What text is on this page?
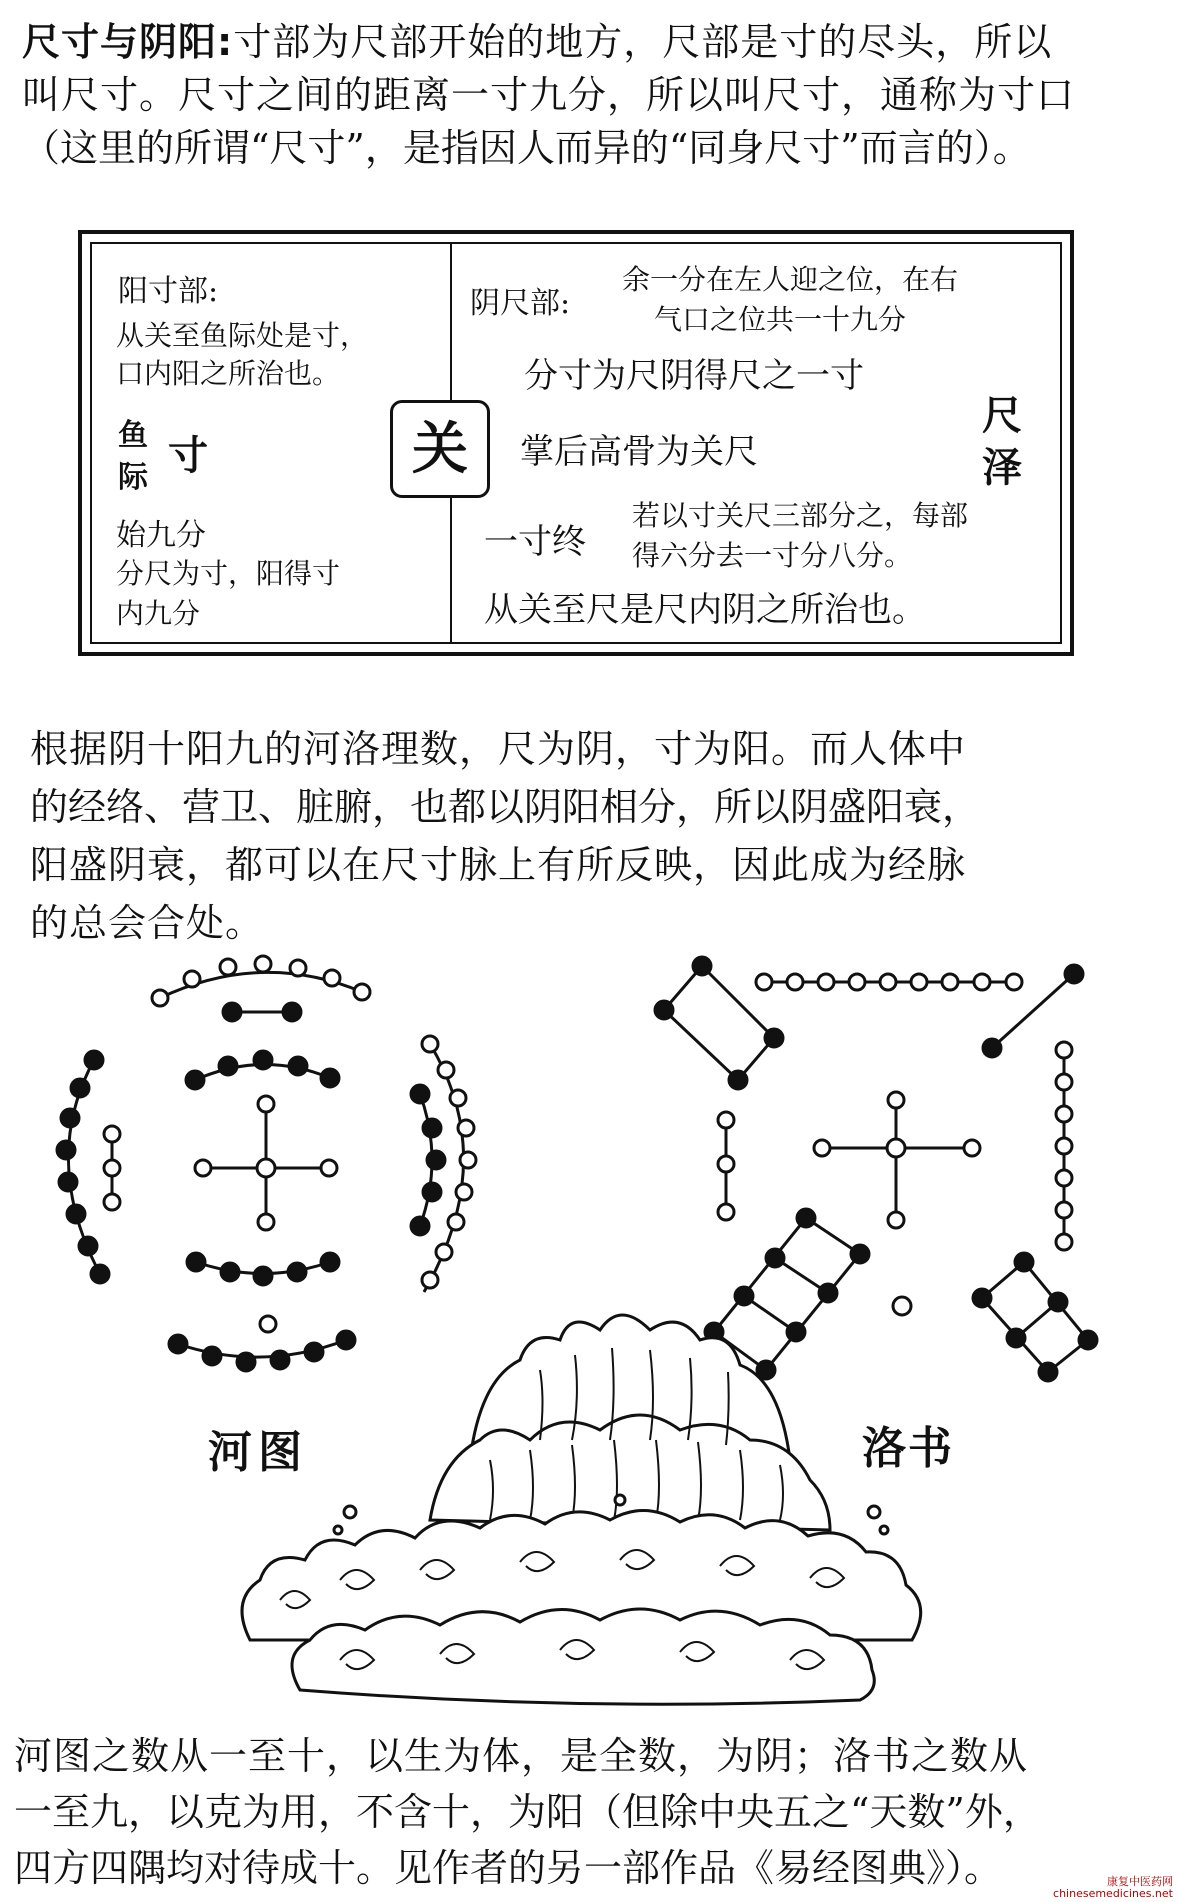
尺寸与阴阳:寸部为尺部开始的地方，尺部是寸的尽头，所以
叫尺寸。尺寸之间的距离一寸九分，所以叫尺寸，通称为寸口
（这里的所谓“尺寸”，是指因人而异的“同身尺寸”而言的）。
阳寸部:
从关至鱼际处是寸，
口内阳之所治也。
鱼
际 寸
始九分
分尺为寸，阳得寸
内九分
关
阴尺部:
余一分在左人迎之位，在右
气口之位共一十九分
分寸为尺阴得尺之一寸
掌后高骨为关尺
尺
泽
一寸终
若以寸关尺三部分之，每部
得六分去一寸分八分。
从关至尺是尺内阴之所治也。
根据阴十阳九的河洛理数，尺为阴，寸为阳。而人体中
的经络、营卫、脏腑，也都以阴阳相分，所以阴盛阳衰，
阳盛阴衰，都可以在尺寸脉上有所反映，因此成为经脉
的总会合处。
河图	洛书
河图之数从一至十，以生为体，是全数，为阴；洛书之数从
一至九，以克为用，不含十，为阳（但除中央五之“天数”外，
四方四隅均对待成十。见作者的另一部作品《易经图典》）。	康复中医药网
chinesemedicines.net
